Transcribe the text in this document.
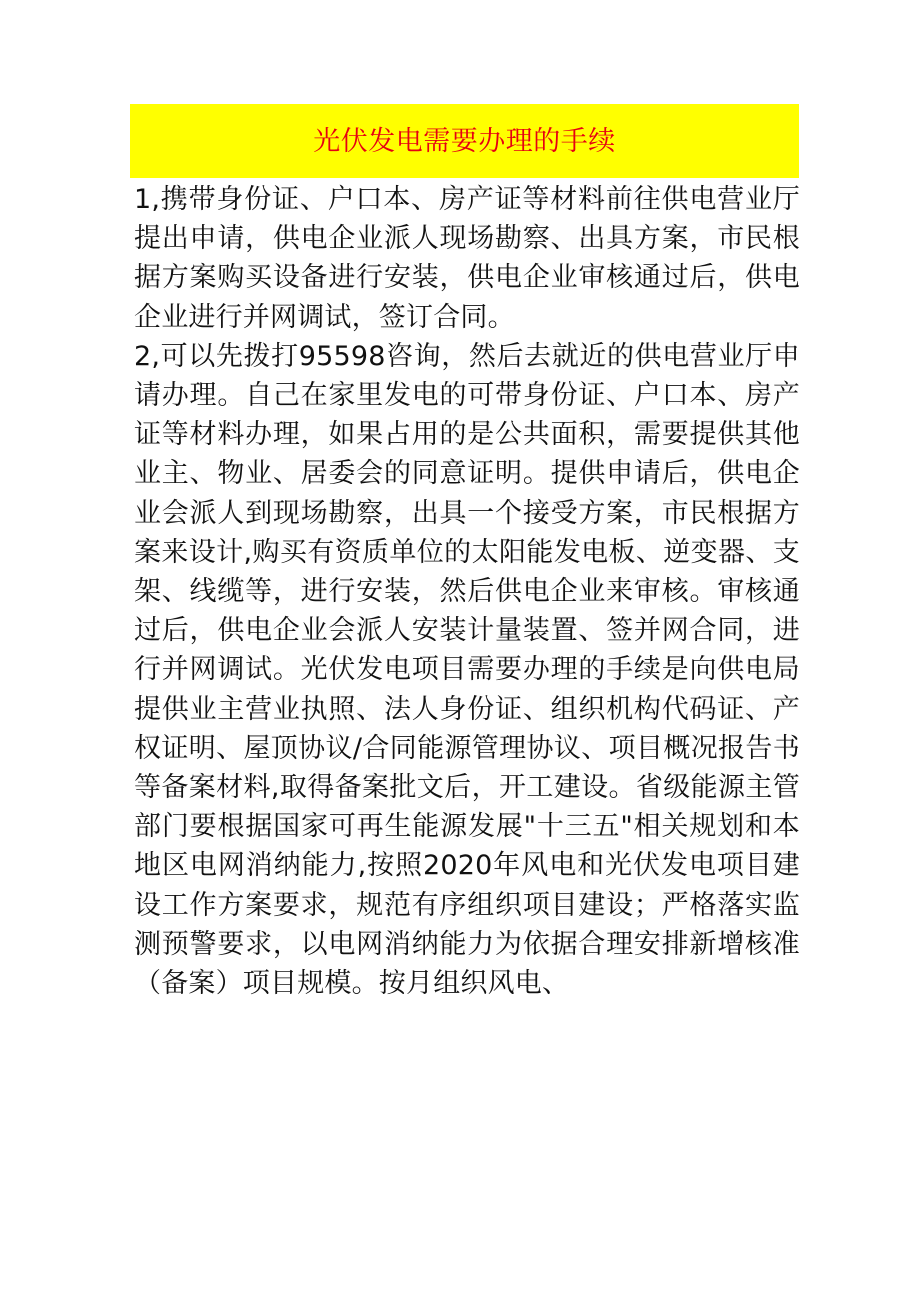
光伏发电需要办理的手续

1,携带身份证、户口本、房产证等材料前往供电营业厅提出申请，供电企业派人现场勘察、出具方案，市民根据方案购买设备进行安装，供电企业审核通过后，供电企业进行并网调试，签订合同。

2,可以先拨打95598咨询，然后去就近的供电营业厅申请办理。自己在家里发电的可带身份证、户口本、房产证等材料办理，如果占用的是公共面积，需要提供其他业主、物业、居委会的同意证明。提供申请后，供电企业会派人到现场勘察，出具一个接受方案，市民根据方案来设计,购买有资质单位的太阳能发电板、逆变器、支架、线缆等，进行安装，然后供电企业来审核。审核通过后，供电企业会派人安装计量装置、签并网合同，进行并网调试。光伏发电项目需要办理的手续是向供电局提供业主营业执照、法人身份证、组织机构代码证、产权证明、屋顶协议/合同能源管理协议、项目概况报告书等备案材料,取得备案批文后，开工建设。省级能源主管部门要根据国家可再生能源发展"十三五"相关规划和本地区电网消纳能力,按照2020年风电和光伏发电项目建设工作方案要求，规范有序组织项目建设；严格落实监测预警要求，以电网消纳能力为依据合理安排新增核准（备案）项目规模。按月组织风电、
